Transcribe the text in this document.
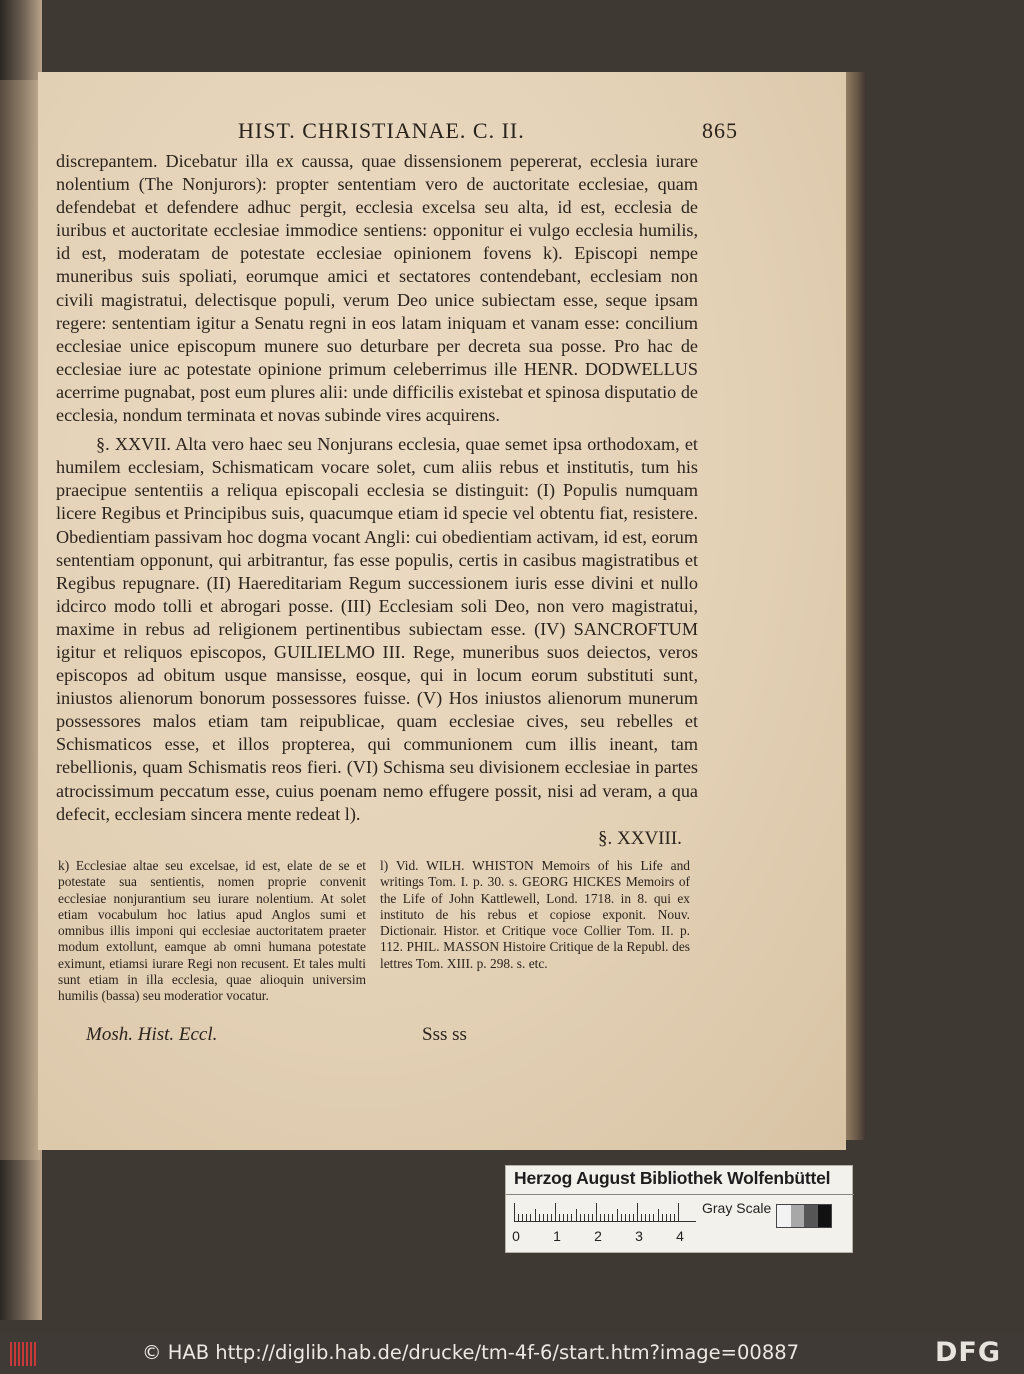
HIST. CHRISTIANAE. C. II.	865

discrepantem. Dicebatur illa ex caussa, quae dissensionem pepererat, ecclesia iurare nolentium (The Nonjurors): propter sententiam vero de auctoritate ecclesiae, quam defendebat et defendere adhuc pergit, ecclesia excelsa seu alta, id est, ecclesia de iuribus et auctoritate ecclesiae immodice sentiens: opponitur ei vulgo ecclesia humilis, id est, moderatam de potestate ecclesiae opinionem fovens k). Episcopi nempe muneribus suis spoliati, eorumque amici et sectatores contendebant, ecclesiam non civili magistratui, delectisque populi, verum Deo unice subiectam esse, seque ipsam regere: sententiam igitur a Senatu regni in eos latam iniquam et vanam esse: concilium ecclesiae unice episcopum munere suo deturbare per decreta sua posse. Pro hac de ecclesiae iure ac potestate opinione primum celeberrimus ille HENR. DODWELLUS acerrime pugnabat, post eum plures alii: unde difficilis existebat et spinosa disputatio de ecclesia, nondum terminata et novas subinde vires acquirens.

§. XXVII. Alta vero haec seu Nonjurans ecclesia, quae semet ipsa orthodoxam, et humilem ecclesiam, Schismaticam vocare solet, cum aliis rebus et institutis, tum his praecipue sententiis a reliqua episcopali ecclesia se distinguit: (I) Populis numquam licere Regibus et Principibus suis, quacumque etiam id specie vel obtentu fiat, resistere. Obedientiam passivam hoc dogma vocant Angli: cui obedientiam activam, id est, eorum sententiam opponunt, qui arbitrantur, fas esse populis, certis in casibus magistratibus et Regibus repugnare. (II) Haereditariam Regum successionem iuris esse divini et nullo idcirco modo tolli et abrogari posse. (III) Ecclesiam soli Deo, non vero magistratui, maxime in rebus ad religionem pertinentibus subiectam esse. (IV) SANCROFTUM igitur et reliquos episcopos, GUILIELMO III. Rege, muneribus suos deiectos, veros episcopos ad obitum usque mansisse, eosque, qui in locum eorum substituti sunt, iniustos alienorum bonorum possessores fuisse. (V) Hos iniustos alienorum munerum possessores malos etiam tam reipublicae, quam ecclesiae cives, seu rebelles et Schismaticos esse, et illos propterea, qui communionem cum illis ineant, tam rebellionis, quam Schismatis reos fieri. (VI) Schisma seu divisionem ecclesiae in partes atrocissimum peccatum esse, cuius poenam nemo effugere possit, nisi ad veram, a qua defecit, ecclesiam sincera mente redeat l).

§. XXVIII.
k) Ecclesiae altae seu excelsae, id est, elate de se et potestate sua sentientis, nomen proprie convenit ecclesiae nonjurantium seu iurare nolentium. At solet etiam vocabulum hoc latius apud Anglos sumi et omnibus illis imponi qui ecclesiae auctoritatem praeter modum extollunt, eamque ab omni humana potestate eximunt, etiamsi iurare Regi non recusent. Et tales multi sunt etiam in illa ecclesia, quae alioquin universim humilis (bassa) seu moderatior vocatur.
l) Vid. WILH. WHISTON Memoirs of his Life and writings Tom. I. p. 30. s. GEORG HICKES Memoirs of the Life of John Kattlewell, Lond. 1718. in 8. qui ex instituto de his rebus et copiose exponit. Nouv. Dictionair. Histor. et Critique voce Collier Tom. II. p. 112. PHIL. MASSON Histoire Critique de la Republ. des lettres Tom. XIII. p. 298. s. etc.
Mosh. Hist. Eccl.	Sss ss
Herzog August Bibliothek Wolfenbüttel
0 1 2 3 4
Gray Scale
© HAB http://diglib.hab.de/drucke/tm-4f-6/start.htm?image=00887	DFG
